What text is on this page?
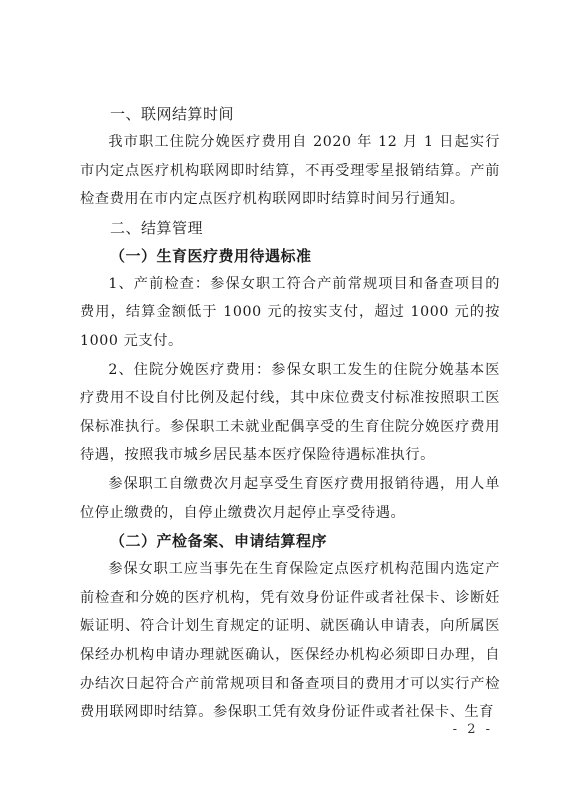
一、联网结算时间

我市职工住院分娩医疗费用自 2020 年 12 月 1 日起实行市内定点医疗机构联网即时结算，不再受理零星报销结算。产前检查费用在市内定点医疗机构联网即时结算时间另行通知。

二、结算管理
（一）生育医疗费用待遇标准

1、产前检查：参保女职工符合产前常规项目和备查项目的费用，结算金额低于 1000 元的按实支付，超过 1000 元的按 1000 元支付。

2、住院分娩医疗费用：参保女职工发生的住院分娩基本医疗费用不设自付比例及起付线，其中床位费支付标准按照职工医保标准执行。参保职工未就业配偶享受的生育住院分娩医疗费用待遇，按照我市城乡居民基本医疗保险待遇标准执行。

参保职工自缴费次月起享受生育医疗费用报销待遇，用人单位停止缴费的，自停止缴费次月起停止享受待遇。

（二）产检备案、申请结算程序

参保女职工应当事先在生育保险定点医疗机构范围内选定产前检查和分娩的医疗机构，凭有效身份证件或者社保卡、诊断妊娠证明、符合计划生育规定的证明、就医确认申请表，向所属医保经办机构申请办理就医确认，医保经办机构必须即日办理，自办结次日起符合产前常规项目和备查项目的费用才可以实行产检费用联网即时结算。参保职工凭有效身份证件或者社保卡、生育

- 2 -
